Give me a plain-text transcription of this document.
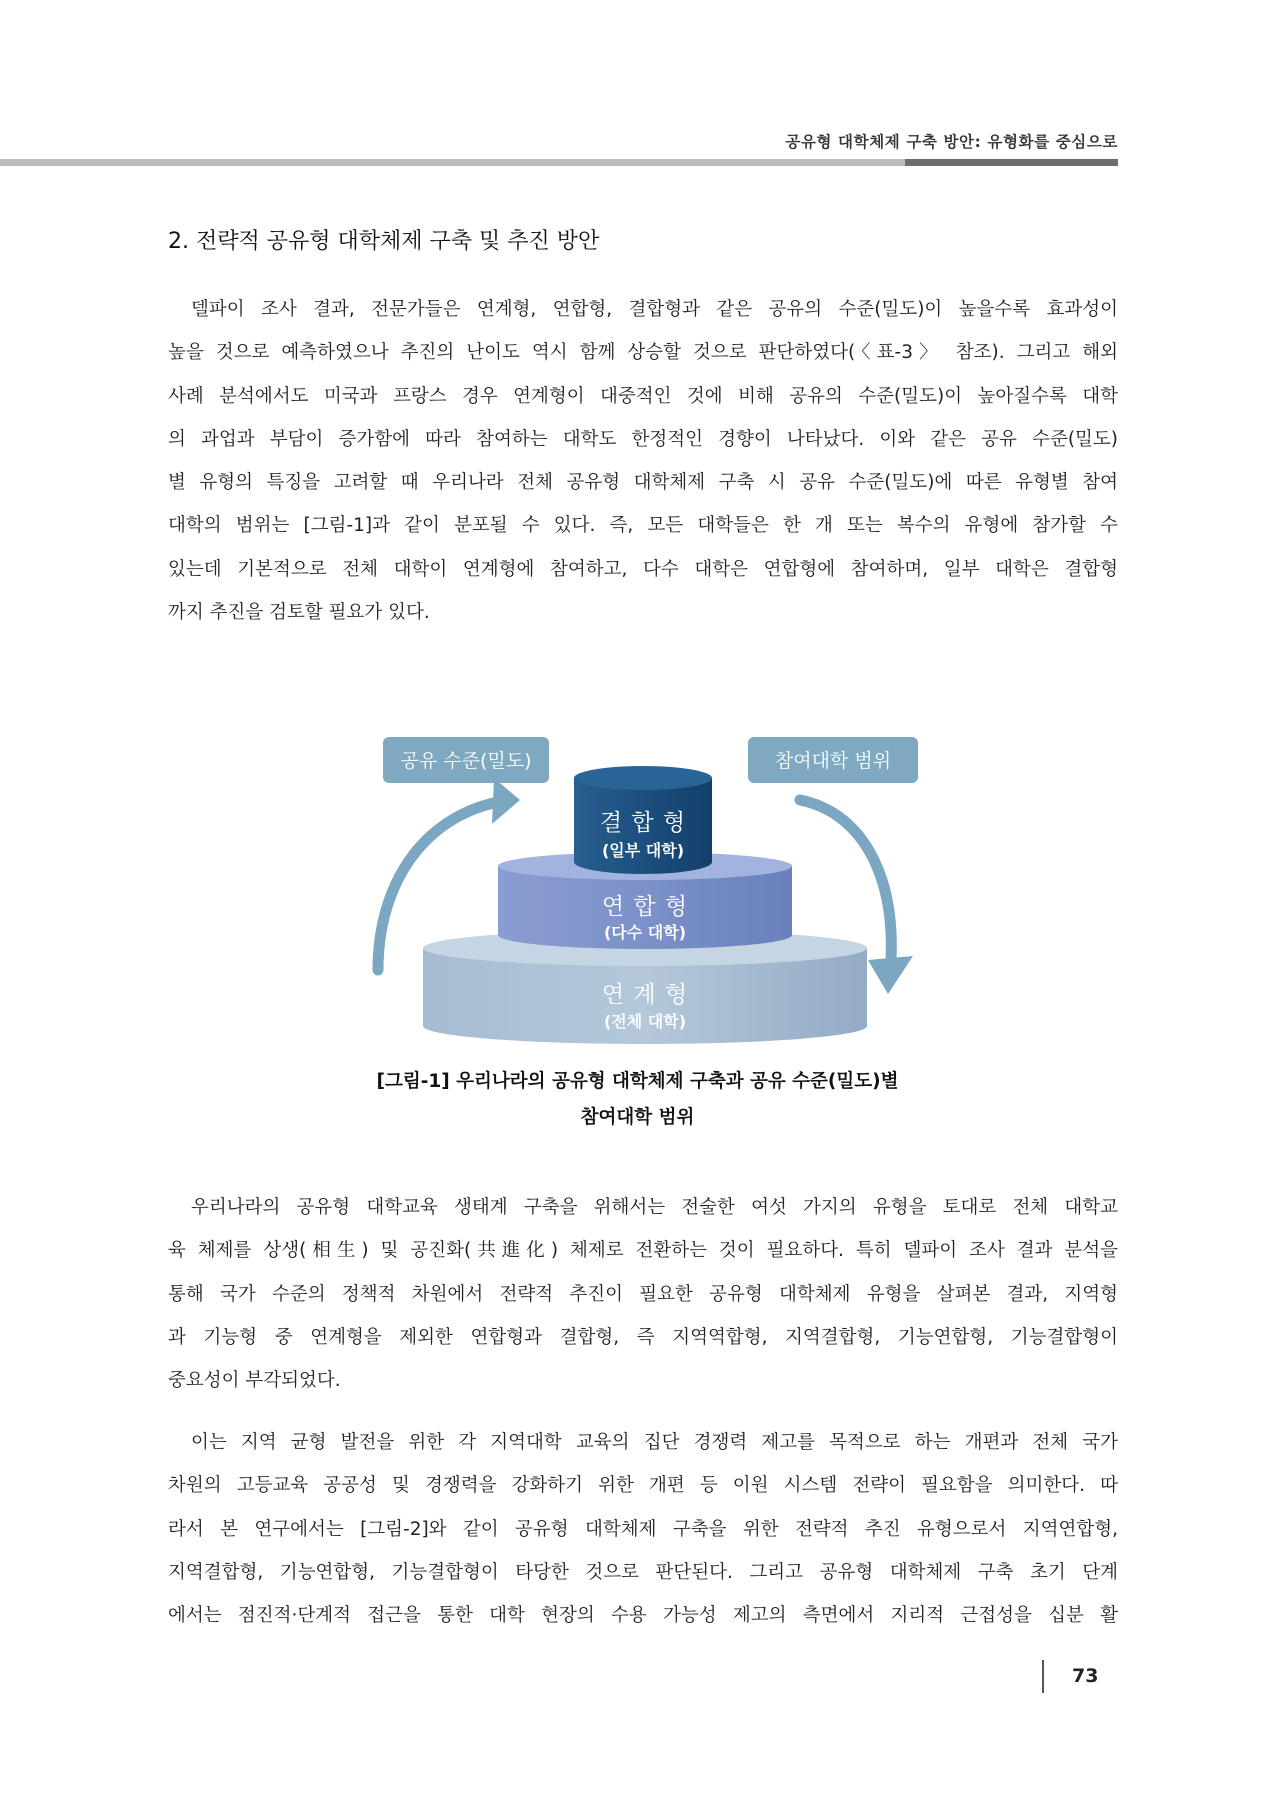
공유형 대학체제 구축 방안: 유형화를 중심으로
2. 전략적 공유형 대학체제 구축 및 추진 방안
델파이 조사 결과, 전문가들은 연계형, 연합형, 결합형과 같은 공유의 수준(밀도)이 높을수록 효과성이
높을 것으로 예측하였으나 추진의 난이도 역시 함께 상승할 것으로 판단하였다(〈표-3〉 참조). 그리고 해외
사례 분석에서도 미국과 프랑스 경우 연계형이 대중적인 것에 비해 공유의 수준(밀도)이 높아질수록 대학
의 과업과 부담이 증가함에 따라 참여하는 대학도 한정적인 경향이 나타났다. 이와 같은 공유 수준(밀도)
별 유형의 특징을 고려할 때 우리나라 전체 공유형 대학체제 구축 시 공유 수준(밀도)에 따른 유형별 참여
대학의 범위는 [그림-1]과 같이 분포될 수 있다. 즉, 모든 대학들은 한 개 또는 복수의 유형에 참가할 수
있는데 기본적으로 전체 대학이 연계형에 참여하고, 다수 대학은 연합형에 참여하며, 일부 대학은 결합형
까지 추진을 검토할 필요가 있다.
공유 수준(밀도)	참여대학 범위
연 계 형
(전체 대학)
연 합 형
(다수 대학)
결 합 형
(일부 대학)
[그림-1] 우리나라의 공유형 대학체제 구축과 공유 수준(밀도)별
참여대학 범위
우리나라의 공유형 대학교육 생태계 구축을 위해서는 전술한 여섯 가지의 유형을 토대로 전체 대학교
육 체제를 상생(相生) 및 공진화(共進化) 체제로 전환하는 것이 필요하다. 특히 델파이 조사 결과 분석을
통해 국가 수준의 정책적 차원에서 전략적 추진이 필요한 공유형 대학체제 유형을 살펴본 결과, 지역형
과 기능형 중 연계형을 제외한 연합형과 결합형, 즉 지역역합형, 지역결합형, 기능연합형, 기능결합형이
중요성이 부각되었다.
이는 지역 균형 발전을 위한 각 지역대학 교육의 집단 경쟁력 제고를 목적으로 하는 개편과 전체 국가
차원의 고등교육 공공성 및 경쟁력을 강화하기 위한 개편 등 이원 시스템 전략이 필요함을 의미한다. 따
라서 본 연구에서는 [그림-2]와 같이 공유형 대학체제 구축을 위한 전략적 추진 유형으로서 지역연합형,
지역결합형, 기능연합형, 기능결합형이 타당한 것으로 판단된다. 그리고 공유형 대학체제 구축 초기 단계
에서는 점진적·단계적 접근을 통한 대학 현장의 수용 가능성 제고의 측면에서 지리적 근접성을 십분 활
73
